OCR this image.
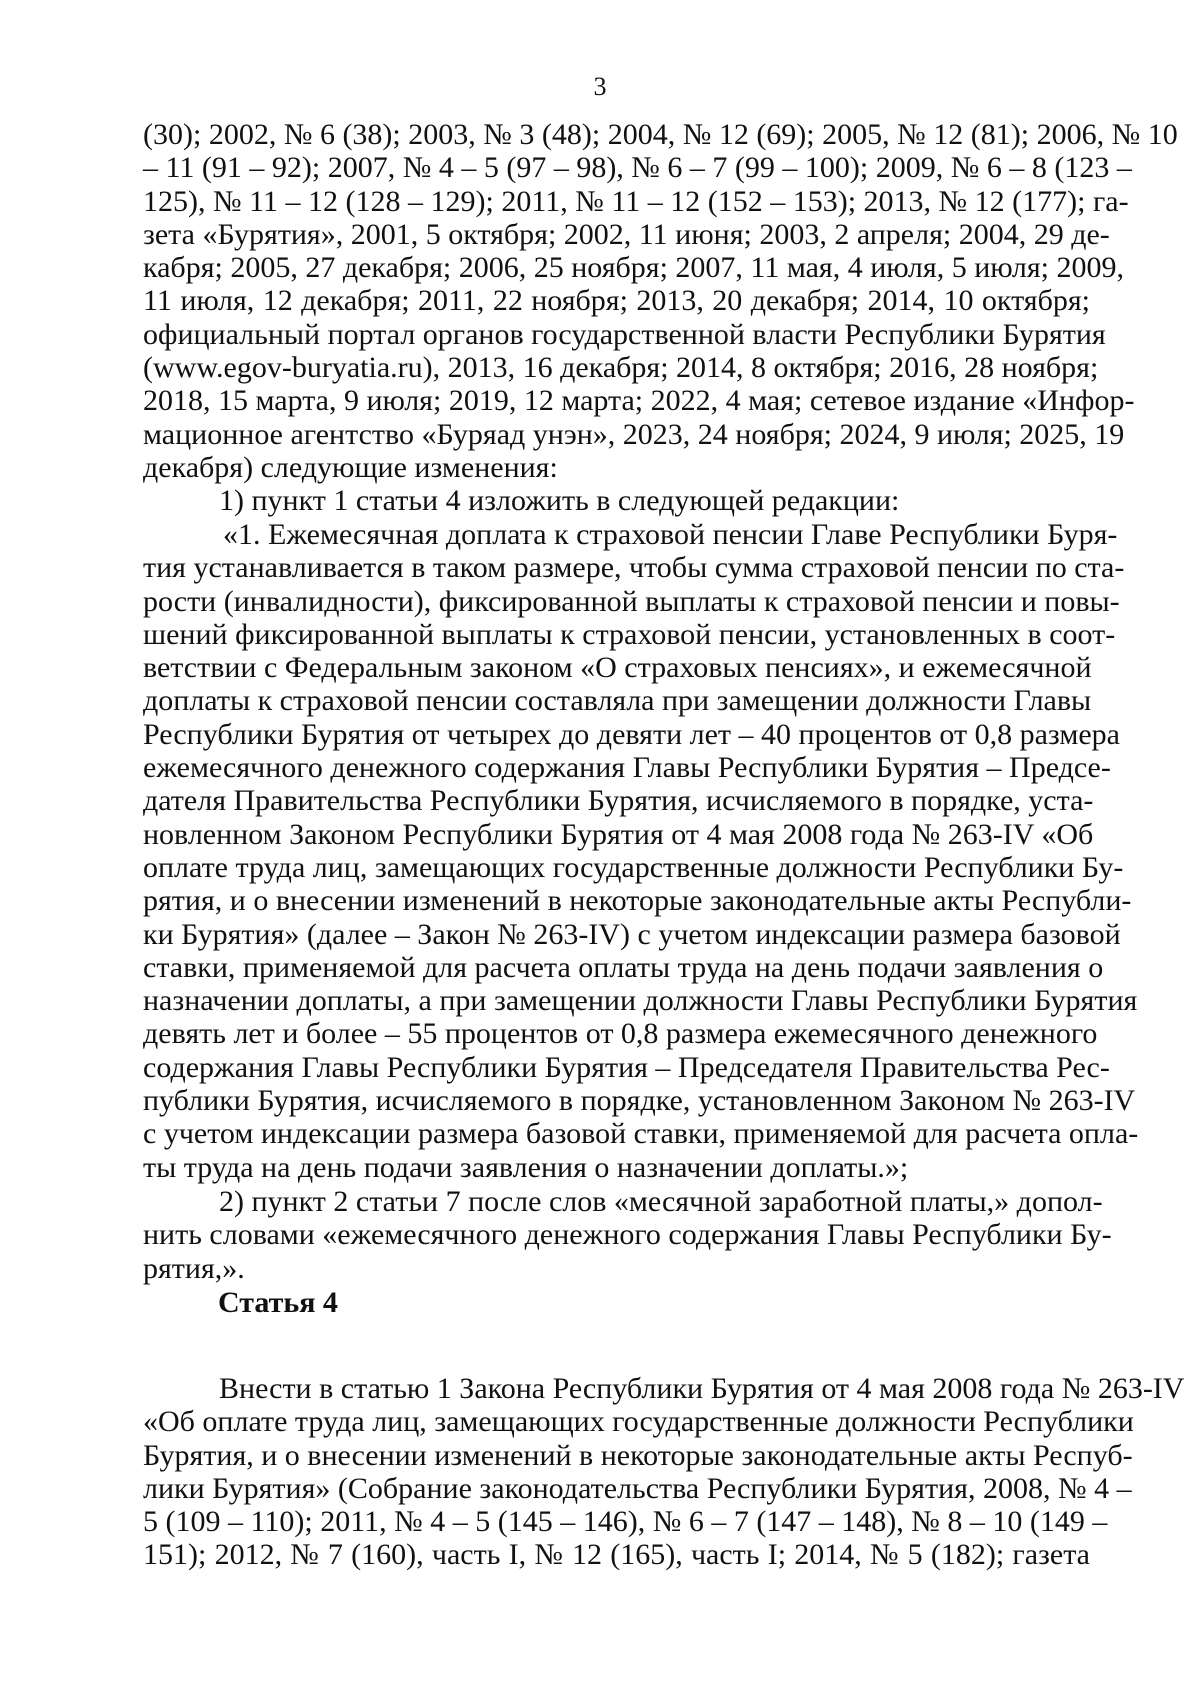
3
(30); 2002, № 6 (38); 2003, № 3 (48); 2004, № 12 (69); 2005, № 12 (81); 2006, № 10
– 11 (91 – 92); 2007, № 4 – 5 (97 – 98), № 6 – 7 (99 – 100); 2009, № 6 – 8 (123 –
125), № 11 – 12 (128 – 129); 2011, № 11 – 12 (152 – 153); 2013, № 12 (177); га-
зета «Бурятия», 2001, 5 октября; 2002, 11 июня; 2003, 2 апреля; 2004, 29 де-
кабря; 2005, 27 декабря; 2006, 25 ноября; 2007, 11 мая, 4 июля, 5 июля; 2009,
11 июля, 12 декабря; 2011, 22 ноября; 2013, 20 декабря; 2014, 10 октября;
официальный портал органов государственной власти Республики Бурятия
(www.egov-buryatia.ru), 2013, 16 декабря; 2014, 8 октября; 2016, 28 ноября;
2018, 15 марта, 9 июля; 2019, 12 марта; 2022, 4 мая; сетевое издание «Инфор-
мационное агентство «Буряад унэн», 2023, 24 ноября; 2024, 9 июля; 2025, 19
декабря) следующие изменения:
1) пункт 1 статьи 4 изложить в следующей редакции:
«1. Ежемесячная доплата к страховой пенсии Главе Республики Буря-
тия устанавливается в таком размере, чтобы сумма страховой пенсии по ста-
рости (инвалидности), фиксированной выплаты к страховой пенсии и повы-
шений фиксированной выплаты к страховой пенсии, установленных в соот-
ветствии с Федеральным законом «О страховых пенсиях», и ежемесячной
доплаты к страховой пенсии составляла при замещении должности Главы
Республики Бурятия от четырех до девяти лет – 40 процентов от 0,8 размера
ежемесячного денежного содержания Главы Республики Бурятия – Предсе-
дателя Правительства Республики Бурятия, исчисляемого в порядке, уста-
новленном Законом Республики Бурятия от 4 мая 2008 года № 263-IV «Об
оплате труда лиц, замещающих государственные должности Республики Бу-
рятия, и о внесении изменений в некоторые законодательные акты Республи-
ки Бурятия» (далее – Закон № 263-IV) с учетом индексации размера базовой
ставки, применяемой для расчета оплаты труда на день подачи заявления о
назначении доплаты, а при замещении должности Главы Республики Бурятия
девять лет и более – 55 процентов от 0,8 размера ежемесячного денежного
содержания Главы Республики Бурятия – Председателя Правительства Рес-
публики Бурятия, исчисляемого в порядке, установленном Законом № 263-IV
с учетом индексации размера базовой ставки, применяемой для расчета опла-
ты труда на день подачи заявления о назначении доплаты.»;
2) пункт 2 статьи 7 после слов «месячной заработной платы,» допол-
нить словами «ежемесячного денежного содержания Главы Республики Бу-
рятия,».
Статья 4
Внести в статью 1 Закона Республики Бурятия от 4 мая 2008 года № 263-IV
«Об оплате труда лиц, замещающих государственные должности Республики
Бурятия, и о внесении изменений в некоторые законодательные акты Респуб-
лики Бурятия» (Собрание законодательства Республики Бурятия, 2008, № 4 –
5 (109 – 110); 2011, № 4 – 5 (145 – 146), № 6 – 7 (147 – 148), № 8 – 10 (149 –
151); 2012, № 7 (160), часть I, № 12 (165), часть I; 2014, № 5 (182); газета
